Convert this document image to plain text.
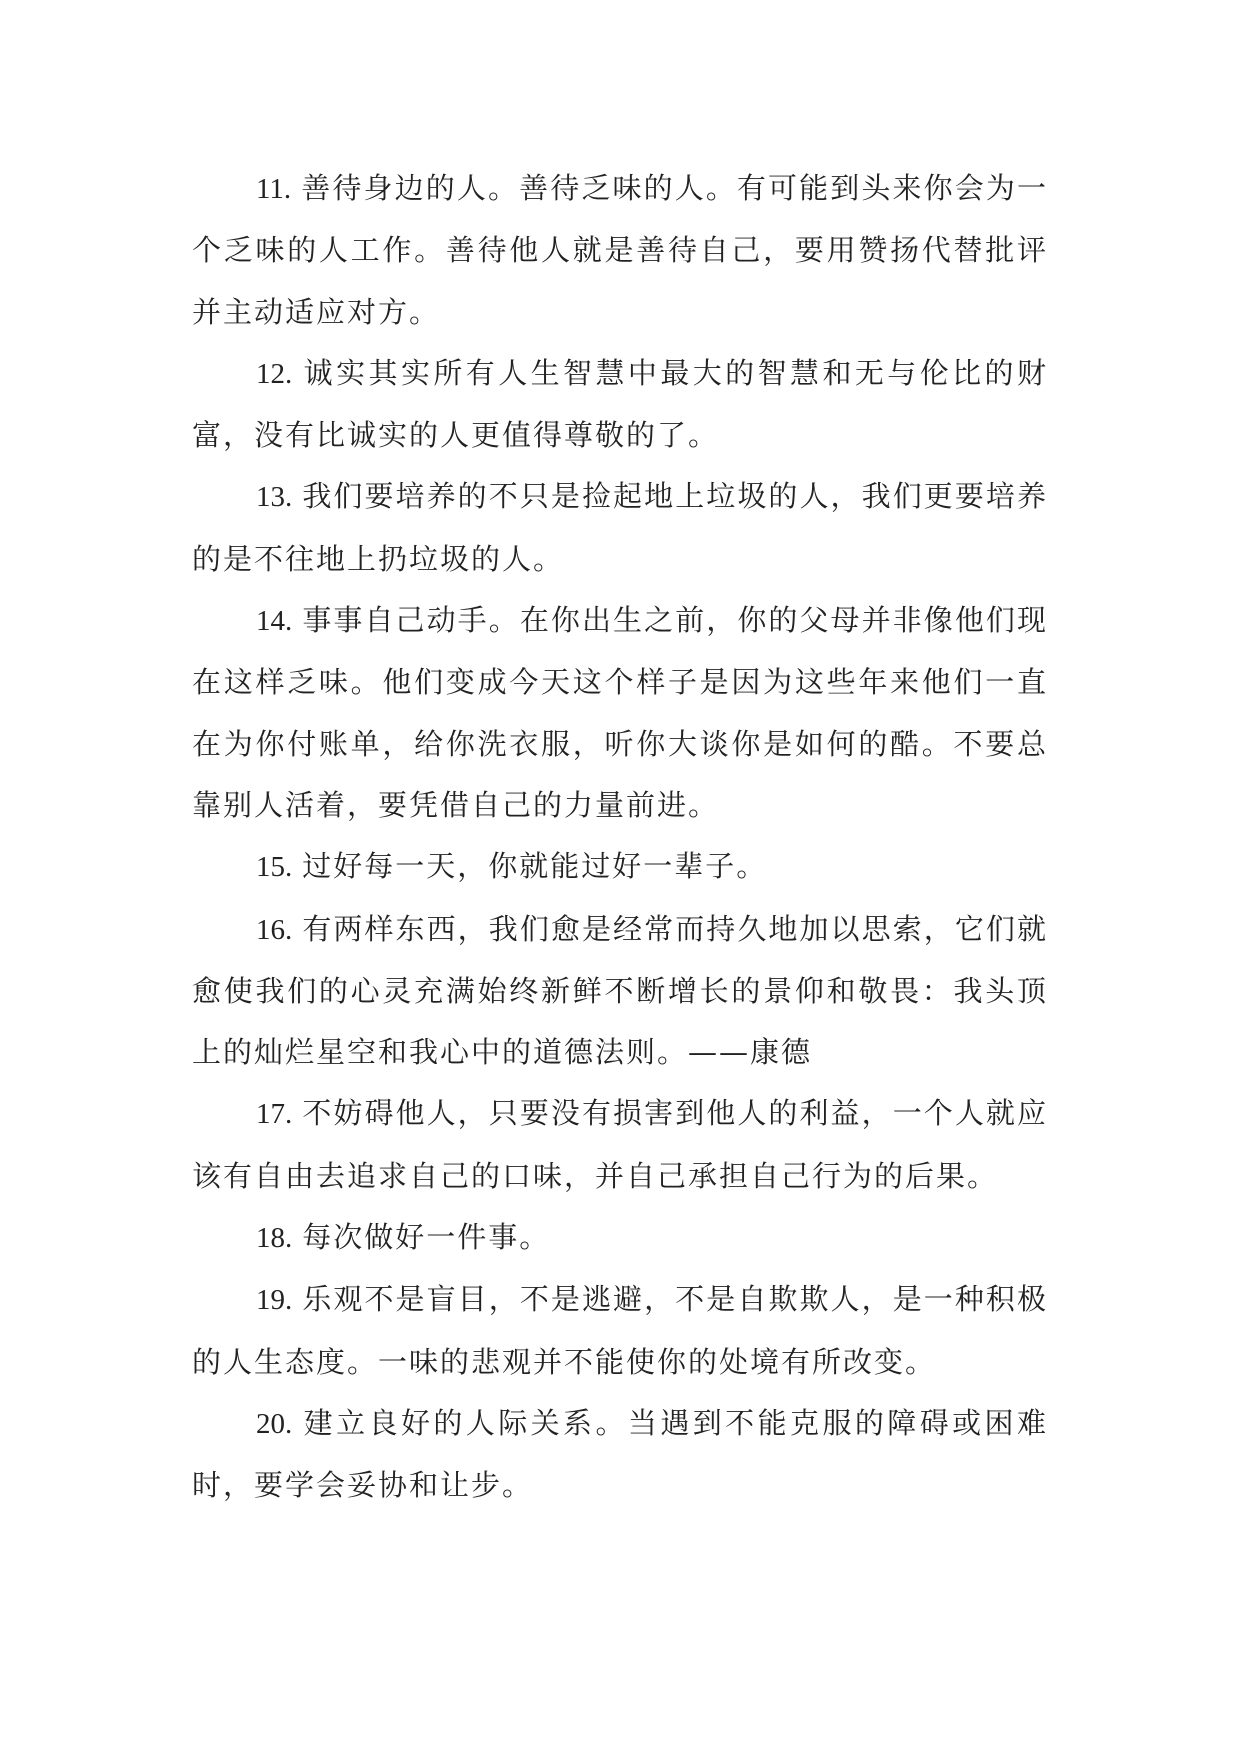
11. 善待身边的人。善待乏味的人。有可能到头来你会为一个乏味的人工作。善待他人就是善待自己，要用赞扬代替批评并主动适应对方。

12. 诚实其实所有人生智慧中最大的智慧和无与伦比的财富，没有比诚实的人更值得尊敬的了。

13. 我们要培养的不只是捡起地上垃圾的人，我们更要培养的是不往地上扔垃圾的人。

14. 事事自己动手。在你出生之前，你的父母并非像他们现在这样乏味。他们变成今天这个样子是因为这些年来他们一直在为你付账单，给你洗衣服，听你大谈你是如何的酷。不要总靠别人活着，要凭借自己的力量前进。

15. 过好每一天，你就能过好一辈子。

16. 有两样东西，我们愈是经常而持久地加以思索，它们就愈使我们的心灵充满始终新鲜不断增长的景仰和敬畏：我头顶上的灿烂星空和我心中的道德法则。——康德

17. 不妨碍他人，只要没有损害到他人的利益，一个人就应该有自由去追求自己的口味，并自己承担自己行为的后果。

18. 每次做好一件事。

19. 乐观不是盲目，不是逃避，不是自欺欺人，是一种积极的人生态度。一味的悲观并不能使你的处境有所改变。

20. 建立良好的人际关系。当遇到不能克服的障碍或困难时，要学会妥协和让步。
